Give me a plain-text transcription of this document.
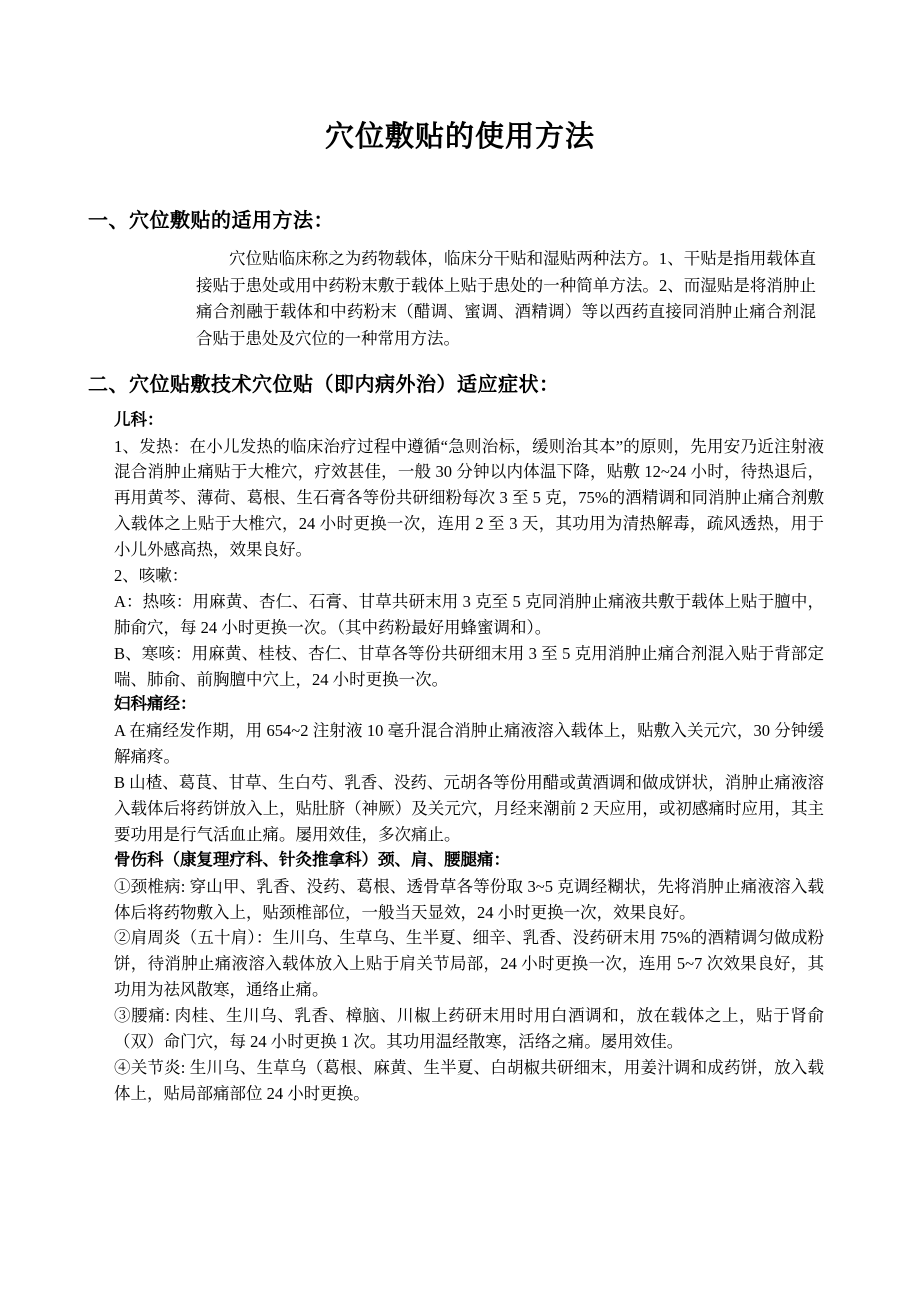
穴位敷贴的使用方法
一、穴位敷贴的适用方法：

穴位贴临床称之为药物载体，临床分干贴和湿贴两种法方。1、干贴是指用载体直接贴于患处或用中药粉末敷于载体上贴于患处的一种简单方法。2、而湿贴是将消肿止痛合剂融于载体和中药粉末（醋调、蜜调、酒精调）等以西药直接同消肿止痛合剂混合贴于患处及穴位的一种常用方法。

二、穴位贴敷技术穴位贴（即内病外治）适应症状：

儿科：

1、发热：在小儿发热的临床治疗过程中遵循“急则治标，缓则治其本”的原则，先用安乃近注射液混合消肿止痛贴于大椎穴，疗效甚佳，一般 30 分钟以内体温下降，贴敷 12~24 小时，待热退后，再用黄芩、薄荷、葛根、生石膏各等份共研细粉每次 3 至 5 克，75%的酒精调和同消肿止痛合剂敷入载体之上贴于大椎穴，24 小时更换一次，连用 2 至 3 天，其功用为清热解毒，疏风透热，用于小儿外感高热，效果良好。

2、咳嗽：

A：热咳：用麻黄、杏仁、石膏、甘草共研末用 3 克至 5 克同消肿止痛液共敷于载体上贴于膻中，肺俞穴，每 24 小时更换一次。（其中药粉最好用蜂蜜调和）。

B、寒咳：用麻黄、桂枝、杏仁、甘草各等份共研细末用 3 至 5 克用消肿止痛合剂混入贴于背部定喘、肺俞、前胸膻中穴上，24 小时更换一次。

妇科痛经：

A 在痛经发作期，用 654~2 注射液 10 毫升混合消肿止痛液溶入载体上，贴敷入关元穴，30 分钟缓解痛疼。

B 山楂、葛茛、甘草、生白芍、乳香、没药、元胡各等份用醋或黄酒调和做成饼状，消肿止痛液溶入载体后将药饼放入上，贴肚脐（神厥）及关元穴，月经来潮前 2 天应用，或初感痛时应用，其主要功用是行气活血止痛。屡用效佳，多次痛止。

骨伤科（康复理疗科、针灸推拿科）颈、肩、腰腿痛：

①颈椎病: 穿山甲、乳香、没药、葛根、透骨草各等份取 3~5 克调经糊状，先将消肿止痛液溶入载体后将药物敷入上，贴颈椎部位，一般当天显效，24 小时更换一次，效果良好。

②肩周炎（五十肩）：生川乌、生草乌、生半夏、细辛、乳香、没药研末用 75%的酒精调匀做成粉饼，待消肿止痛液溶入载体放入上贴于肩关节局部，24 小时更换一次，连用 5~7 次效果良好，其功用为祛风散寒，通络止痛。

③腰痛: 肉桂、生川乌、乳香、樟脑、川椒上药研末用时用白酒调和，放在载体之上，贴于肾俞（双）命门穴，每 24 小时更换 1 次。其功用温经散寒，活络之痛。屡用效佳。

④关节炎: 生川乌、生草乌（葛根、麻黄、生半夏、白胡椒共研细末，用姜汁调和成药饼，放入载体上，贴局部痛部位 24 小时更换。
